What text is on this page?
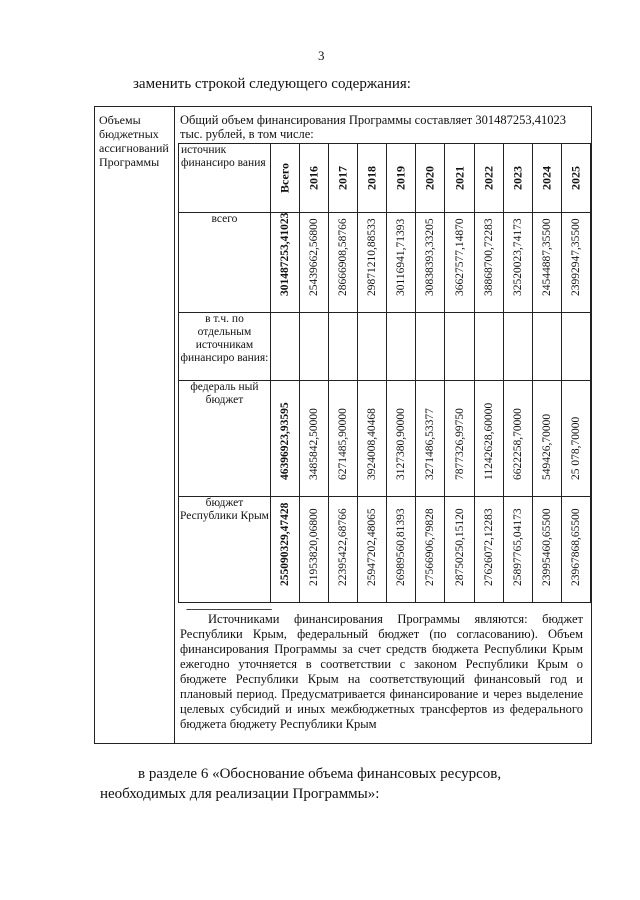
3
заменить строкой следующего содержания:
Объемы бюджетных ассигнований Программы
Общий объем финансирования Программы составляет 301487253,41023 тыс. рублей, в том числе:
источник финансиро вания	Всего	2016	2017	2018	2019	2020	2021	2022	2023	2024	2025

всего	301487253,41023	25439662,56800	28666908,58766	29871210,88533	30116941,71393	30838393,33205	36627577,14870	38868700,72283	32520023,74173	24544887,35500	23992947,35500

в т.ч. по отдельным источникам финансиро вания:											
федераль ный бюджет	46396923,93595	3485842,50000	6271485,90000	3924008,40468	3127380,90000	3271486,53377	7877326,99750	11242628,60000	6622258,70000	549426,70000	25 078,70000

бюджет Республики Крым	255090329,47428	21953820,06800	22395422,68766	25947202,48065	26989560,81393	27566906,79828	28750250,15120	27626072,12283	25897765,04173	23995460,65500	23967868,65500
--------------------------------
Источниками финансирования Программы являются: бюджет Республики Крым, федеральный бюджет (по согласованию). Объем финансирования Программы за счет средств бюджета Республики Крым ежегодно уточняется в соответствии с законом Республики Крым о бюджете Республики Крым на соответствующий финансовый год и плановый период. Предусматривается финансирование и через выделение целевых субсидий и иных межбюджетных трансфертов из федерального бюджета бюджету Республики Крым
в разделе 6 «Обоснование объема финансовых ресурсов, необходимых для реализации Программы»:
